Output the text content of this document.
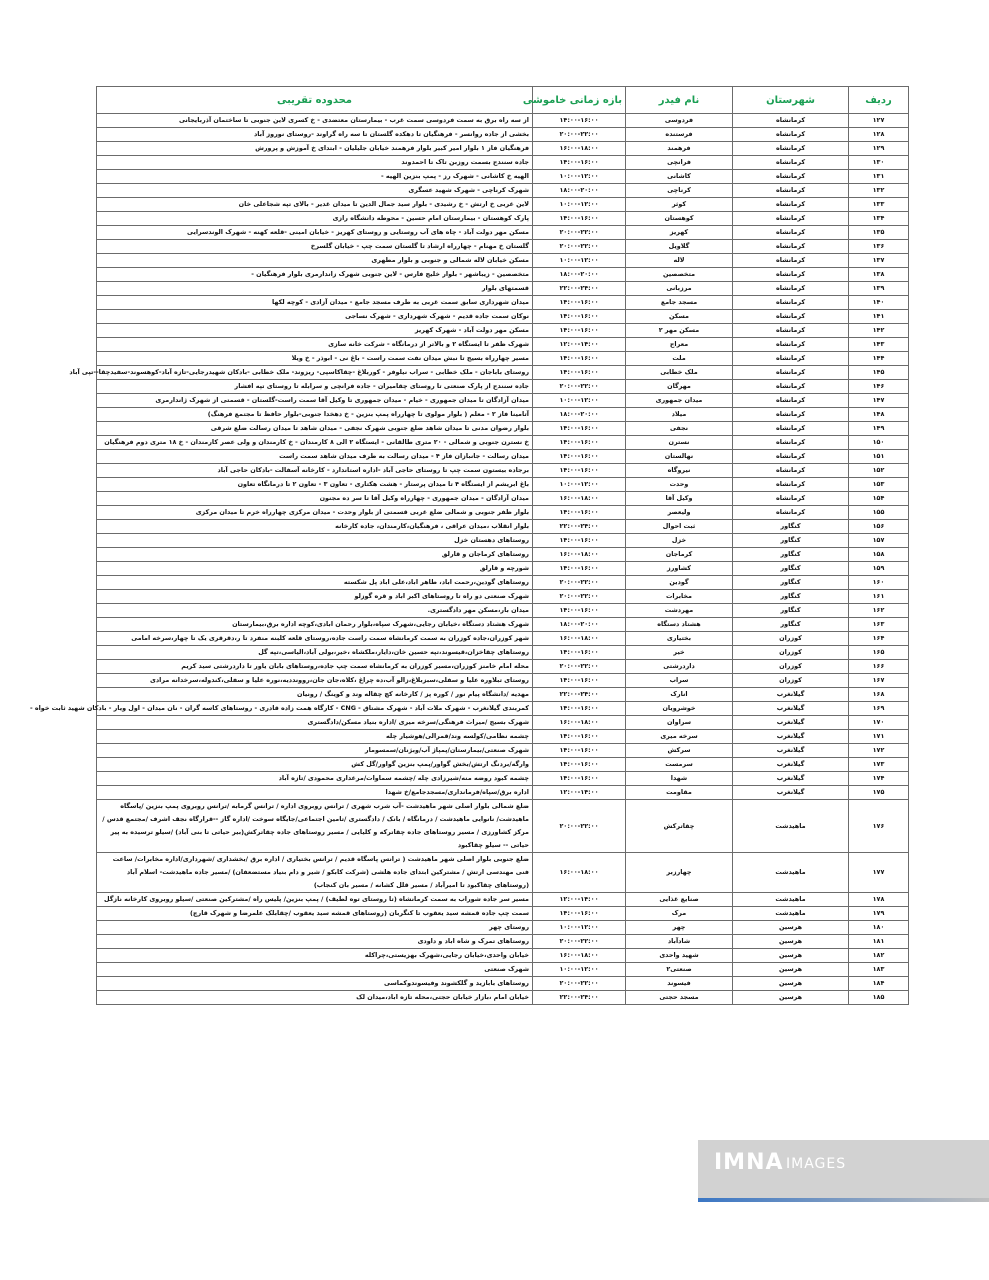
ردیف	شهرستان	نام فیدر	بازه زمانی خاموشی	محدوده تقریبی
۱۲۷	کرمانشاه	فردوسی	۱۴:۰۰-۱۶:۰۰	از سه راه برق به سمت فردوسی سمت غرب - بیمارستان معتضدی - خ کسری لاین جنوبی تا ساختمان آذربایجانی
۱۲۸	کرمانشاه	فرستنده	۲۰:۰۰-۲۲:۰۰	بخشی از جاده روانسر - فرهنگیان تا دهکده گلستان تا سه راه گراوند -روستای نوروز آباد
۱۲۹	کرمانشاه	فرهمند	۱۶:۰۰-۱۸:۰۰	فرهنگیان فاز ۱ بلوار امیر کبیر بلوار فرهمند خیابان جلیلیان - ابتدای خ آموزش و پرورش
۱۳۰	کرمانشاه	فرانچی	۱۴:۰۰-۱۶:۰۰	جاده سنندج بسمت روزبن تاک تا احمدوند
۱۳۱	کرمانشاه	کاشانی	۱۰:۰۰-۱۲:۰۰	الهیه خ کاشانی - شهرک رز - پمپ بنزین الهیه -
۱۳۲	کرمانشاه	کرناچی	۱۸:۰۰-۲۰:۰۰	شهرک کرناچی - شهرک شهید عسگری
۱۳۳	کرمانشاه	کوثر	۱۰:۰۰-۱۲:۰۰	لاین غربی خ ارتش - خ رشیدی - بلوار سید جمال الدین تا میدان غدیر - بالای تپه شجاعلی خان
۱۳۴	کرمانشاه	کوهستان	۱۴:۰۰-۱۶:۰۰	پارک کوهستان - بیمارستان امام حسین - محوطه دانشگاه رازی
۱۳۵	کرمانشاه	کهریز	۲۰:۰۰-۲۲:۰۰	مسکن مهر دولت آباد - چاه های آب روستایی و روستای کهریز - خیابان امینی -قلعه کهنه - شهرک الوندسرایی
۱۳۶	کرمانشاه	گلاویل	۲۰:۰۰-۲۲:۰۰	گلستان خ مهنام - چهارراه ارشاد تا گلستان سمت چپ - خیابان گلسرخ
۱۳۷	کرمانشاه	لاله	۱۰:۰۰-۱۲:۰۰	مسکن خیابان لاله شمالی و جنوبی و بلوار مطهری
۱۳۸	کرمانشاه	متخصصین	۱۸:۰۰-۲۰:۰۰	متخصصین - زیباشهر - بلوار خلیج فارس - لاین جنوبی شهرک زاندارمری بلوار فرهنگیان -
۱۳۹	کرمانشاه	مرزبانی	۲۲:۰۰-۲۴:۰۰	قسمتهای بلوار
۱۴۰	کرمانشاه	مسجد جامع	۱۴:۰۰-۱۶:۰۰	میدان شهرداری سابق سمت غربی به طرف مسجد جامع - میدان آزادی - کوچه لکها
۱۴۱	کرمانشاه	مسکن	۱۴:۰۰-۱۶:۰۰	نوکان سمت جاده قدیم - شهرک شهرداری - شهرک نساجی
۱۴۲	کرمانشاه	مسکن مهر ۲	۱۴:۰۰-۱۶:۰۰	مسکن مهر دولت آباد - شهرک کهریز
۱۴۳	کرمانشاه	معراج	۱۲:۰۰-۱۴:۰۰	شهرک ظفر تا ایستگاه ۲ و بالاتر از درمانگاه - شرکت خانه سازی
۱۴۴	کرمانشاه	ملت	۱۴:۰۰-۱۶:۰۰	مسیر چهارراه بسیج تا نبش میدان نفت سمت راست - باغ نی - ابوذر - خ ویلا
۱۴۵	کرمانشاه	ملک خطابی	۱۴:۰۰-۱۶:۰۰	روستای باباجان - ملک خطابی - سراب نیلوفر - کوربلاغ -چقاکاسپی- ریزوند- ملک خطابی -بادکان شهیدرجایی-تازه آباد-کوهسوند-سفیدچقا--تپی آباد
۱۴۶	کرمانشاه	مهرگان	۲۰:۰۰-۲۲:۰۰	جاده سنندج از پارک صنعتی تا روستای چقامیران - جاده فرانچی و سرابله تا روستای تپه افشار
۱۴۷	کرمانشاه	میدان جمهوری	۱۰:۰۰-۱۲:۰۰	میدان آزادگان تا میدان جمهوری - خیام - میدان جمهوری تا وکیل آقا سمت راست-گلستان - قسمتی از شهرک ژاندارمری
۱۴۸	کرمانشاه	میلاد	۱۸:۰۰-۲۰:۰۰	آتامینا فاز ۲ - معلم ( بلوار مولوی تا چهارراه پمپ بنزین - خ دهخدا جنوبی-بلوار حافظ تا مجتمع فرهنگ)
۱۴۹	کرمانشاه	نجفی	۱۴:۰۰-۱۶:۰۰	بلوار رضوان مدنی تا میدان شاهد ضلع جنوبی شهرک نجفی - میدان شاهد تا میدان رسالت ضلع شرقی
۱۵۰	کرمانشاه	نسترن	۱۴:۰۰-۱۶:۰۰	خ نسترن جنوبی و شمالی - ۲۰ متری طالقانی - ایستگاه ۲ الی ۸ کارمندان - خ کارمندان و ولی عصر کارمندان - خ ۱۸ متری دوم فرهنگیان
۱۵۱	کرمانشاه	نهالستان	۱۴:۰۰-۱۶:۰۰	میدان رسالت - جانبازان فاز ۴ - میدان رسالت به طرف میدان شاهد سمت راست
۱۵۲	کرمانشاه	نیروگاه	۱۴:۰۰-۱۶:۰۰	برجاده بیستون سمت چپ تا روستای حاجی آباد -اداره استاندارد - کارخانه آسفالت -بادکان حاجی آباد
۱۵۳	کرمانشاه	وحدت	۱۰:۰۰-۱۲:۰۰	باغ ابریشم از ایستگاه ۴ تا میدان پرستار - هشت هکتاری - تعاون ۳ - تعاون ۲ تا درمانگاه تعاون
۱۵۴	کرمانشاه	وکیل آقا	۱۶:۰۰-۱۸:۰۰	میدان آزادگان - میدان جمهوری - چهارراه وکیل آقا تا سر ده مجنون
۱۵۵	کرمانشاه	ولیعصر	۱۴:۰۰-۱۶:۰۰	بلوار ظفر جنوبی و شمالی ضلع غربی قسمتی از بلوار وحدت - میدان مرکزی چهارراه خرم تا میدان مرکزی
۱۵۶	کنگاور	ثبت احوال	۲۲:۰۰-۲۴:۰۰	بلوار انقلاب ،میدان عراقی ، فرهنگیان،کارمندان، جاده کارخانه
۱۵۷	کنگاور	خزل	۱۴:۰۰-۱۶:۰۰	روستاهای دهستان خزل
۱۵۸	کنگاور	کرماجان	۱۶:۰۰-۱۸:۰۰	روستاهای کرماجان و قارلق
۱۵۹	کنگاور	کشاورز	۱۴:۰۰-۱۶:۰۰	شورچه و قارلق
۱۶۰	کنگاور	گودین	۲۰:۰۰-۲۲:۰۰	روستاهای گودین،رحمت اباد، طاهر اباد،علی اباد پل شکسته
۱۶۱	کنگاور	مخابرات	۲۰:۰۰-۲۲:۰۰	شهرک صنعتی دو راه تا روستاهای اکبر اباد و قره گوزلو
۱۶۲	کنگاور	مهردشت	۱۴:۰۰-۱۶:۰۰	میدان بار،مسکن مهر دادگستری.
۱۶۳	کنگاور	هشتاد دستگاه	۱۸:۰۰-۲۰:۰۰	شهرک هشتاد دستگاه ،خیابان رجایی،شهرک سپاه،بلوار رحمان ابادی،کوچه اداره برق،بیمارستان
۱۶۴	کوزران	بختیاری	۱۶:۰۰-۱۸:۰۰	شهر کوزران،جاده کوزران به سمت کرمانشاه سمت راست جاده،روستای قلعه کلبنه منفرد تا ر،دقرقری یک تا چهار،سرخه امامی
۱۶۵	کوزران	خیر	۱۴:۰۰-۱۶:۰۰	روستاهای چقاخزان،قیسوند،تپه حسین خان،دایار،ملکشاه ،خیر،بولی آباد،الیاسی،تپه گل
۱۶۶	کوزران	داردرشتی	۲۰:۰۰-۲۲:۰۰	محله امام خامنز کوزران،مسیر کوزران به کرمانشاه سمت چپ جاده،روستاهای بابان یاور تا داردرشتی سید کریم
۱۶۷	کوزران	سراب	۱۴:۰۰-۱۶:۰۰	روستای تبلاوره علیا و سفلی،سبزبلاغ،زالو آب،ده چراغ ،کلاه،جان جان،روونددیه،نوره علیا و سفلی،کندوله،سرخدانه مرادی
۱۶۸	گیلانغرب	انارک	۲۲:۰۰-۲۴:۰۰	مهدیه /دانشگاه پیام نور / کوره پز / کارخانه کچ چقاله وند و کوینگ / رونیان
۱۶۹	گیلانغرب	خوشرویان	۱۴:۰۰-۱۶:۰۰	کمربندی گیلانغرب - شهرک ملات آباد - شهرک مشتاق - CNG - کارگاه همت زاده قادری - روستاهای کاسه گران - نان میدان - اول ویار - بادکان شهید ثابت خواه -
۱۷۰	گیلانغرب	سراوان	۱۶:۰۰-۱۸:۰۰	شهرک بسیج /میراث فرهنگی/سرخه میری /اداره بنیاد مسکن/دادگستری
۱۷۱	گیلانغرب	سرخه میری	۱۴:۰۰-۱۶:۰۰	چشمه نظامی/کولسه وند/قمرالی/هوشیار چله
۱۷۲	گیلانغرب	سرکش	۱۴:۰۰-۱۶:۰۰	شهرک صنعتی/بیمارستان/پمپاژ آب/وبژنان/سمسومار
۱۷۳	گیلانغرب	سرمست	۱۴:۰۰-۱۶:۰۰	وارگه/بردنگ ارتش/بخش گواور/پمپ بنزین گواور/گل کش
۱۷۴	گیلانغرب	شهدا	۱۴:۰۰-۱۶:۰۰	چشمه کبود روضه منه/شیرزادی چله /چشمه سماوات/مرغداری محمودی /تازه آباد
۱۷۵	گیلانغرب	مقاومت	۱۲:۰۰-۱۴:۰۰	اداره برق/سپاه/فرمانداری/مسجدجامع/خ شهدا
۱۷۶	ماهیدشت	چقاترکش	۲۰:۰۰-۲۲:۰۰	ضلع شمالی بلوار اصلی شهر ماهیدشت -آب شرب شهری / ترانس روبروی اداره / ترانس گرمابه /ترانس روبروی پمپ بنزین /پاسگاه ماهیدشت/ نانوایی ماهیدشت / درمانگاه / بانک / دادگستری /تامین اجتماعی/جایگاه سوخت /اداره گاز --قرارگاه نجف اشرف /مجتمع قدس /مرکز کشاورزی / مسیر روستاهای جاده چقاترکه و کلیایی / مسیر روستاهای جاده چقاترکش(بیر حیاتی تا بنی آباد) /سیلو ترسیده به پیر حیاتی -- سیلو چقاکبود
۱۷۷	ماهیدشت	چهارزبر	۱۶:۰۰-۱۸:۰۰	ضلع جنوبی بلوار اصلی شهر ماهیدشت ( ترانس پاسگاه قدیم / ترانس بختیاری / اداره برق /بخشداری /شهرداری/اداره مخابرات/ ساعت فنی مهندسی ارتش / مشترکین ابتدای جاده هلشی (شرکت کابکو / شیر و دام بنیاد مستضعفان) /مسیر جاده ماهیدشت- اسلام آباد (روستاهای چقاکبود تا امیرآباد / مسیر قلل کشانه / مسیر بان کنجاب)
۱۷۸	ماهیدشت	صنایع غذایی	۱۲:۰۰-۱۴:۰۰	مسیر سر جاده شوراب به سمت کرمانشاه (تا روستای توه لطیف) / پمپ بنزین/ پلیس راه /مشترکین صنعتی /سیلو روبروی کارخانه نازگل
۱۷۹	ماهیدشت	مرک	۱۴:۰۰-۱۶:۰۰	سمت چپ جاده قمشه سید یعقوب تا کنگربان (روستاهای قمشه سید یعقوب /چقابلک علمرضا و شهرک قارچ)
۱۸۰	هرسین	چهر	۱۰:۰۰-۱۲:۰۰	روستای چهر
۱۸۱	هرسین	شادآباد	۲۰:۰۰-۲۲:۰۰	روستاهای تمرک و شاه اباد و داودی
۱۸۲	هرسین	شهید واحدی	۱۶:۰۰-۱۸:۰۰	خیابان واحدی،خیابان رجایی،شهرک بهزیستی،چراکله
۱۸۳	هرسین	صنعتی۲	۱۰:۰۰-۱۲:۰۰	شهرک صنعتی
۱۸۴	هرسین	فیسوند	۲۰:۰۰-۲۲:۰۰	روستاهای بابازید و گلکشوند وفیسوندوکماسی
۱۸۵	هرسین	مسجد حجتی	۲۲:۰۰-۲۴:۰۰	خیابان امام ،بازار خیابان حجتی،محله تازه اباد،میدان لک
IMNA IMAGES
